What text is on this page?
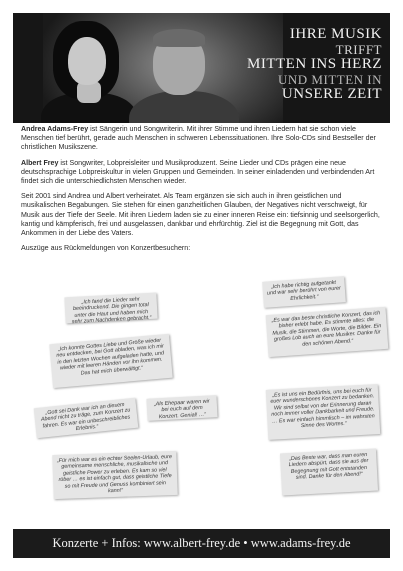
IHRE MUSIK
TRIFFT
MITTEN INS HERZ
UND MITTEN IN
UNSERE ZEIT

Andrea Adams-Frey ist Sängerin und Songwriterin. Mit ihrer Stimme und ihren Liedern hat sie schon viele Menschen tief berührt, gerade auch Menschen in schweren Lebenssituationen. Ihre Solo-CDs sind Bestseller der christlichen Musikszene.

Albert Frey ist Songwriter, Lobpreisleiter und Musikproduzent. Seine Lieder und CDs prägen eine neue deutschsprachige Lobpreiskultur in vielen Gruppen und Gemeinden. In seiner einladenden und verbindenden Art findet sich die unterschiedlichsten Menschen wieder.

Seit 2001 sind Andrea und Albert verheiratet. Als Team ergänzen sie sich auch in ihren geistlichen und musikalischen Begabungen. Sie stehen für einen ganzheitlichen Glauben, der Negatives nicht verschweigt, für Musik aus der Tiefe der Seele. Mit ihren Liedern laden sie zu einer inneren Reise ein: tiefsinnig und seelsorgerlich, kantig und kämpferisch, frei und ausgelassen, dankbar und ehrfürchtig. Ziel ist die Begegnung mit Gott, das Ankommen in der Liebe des Vaters.

Auszüge aus Rückmeldungen von Konzertbesuchern:

„Ich fand die Lieder sehr beeindruckend. Die gingen total unter die Haut und haben mich sehr zum Nachdenken gebracht.“
„Ich habe richtig aufgetankt und war sehr berührt von eurer Ehrlichkeit.“
„Es war das beste christliche Konzert, das ich bisher erlebt habe. Es stimmte alles: die Musik, die Stimmen, die Worte, die Bilder. Ein großes Lob auch an eure Musiker. Danke für den schönen Abend.“
„Ich konnte Gottes Liebe und Größe wieder neu entdecken, bei Gott abladen, was ich mir in den letzten Wochen aufgeladen hatte, und wieder mit leeren Händen vor ihn kommen. Das hat mich überwältigt.“
„Als Ehepaar waren wir bei euch auf dem Konzert. Genial! …“
„Es ist uns ein Bedürfnis, uns bei euch für euer wunderschönes Konzert zu bedanken. Wir sind selbst von der Erinnerung daran noch immer voller Dankbarkeit und Freude. … Es war einfach himmlisch – im wahrsten Sinne des Wortes.“
„Gott sei Dank war ich an diesem Abend nicht zu träge, zum Konzert zu fahren. Es war ein unbeschreibliches Erlebnis.“
„Für mich war es ein echter Seelen-Urlaub, eure gemeinsame menschliche, musikalische und geistliche Power zu erleben. Es kam so viel rüber … es ist einfach gut, dass geistliche Tiefe so mit Freude und Genuss kombiniert sein kann!“
„Das Beste war, dass man euren Liedern abspürt, dass sie aus der Begegnung mit Gott entstanden sind. Danke für den Abend!“
Konzerte + Infos: www.albert-frey.de • www.adams-frey.de
